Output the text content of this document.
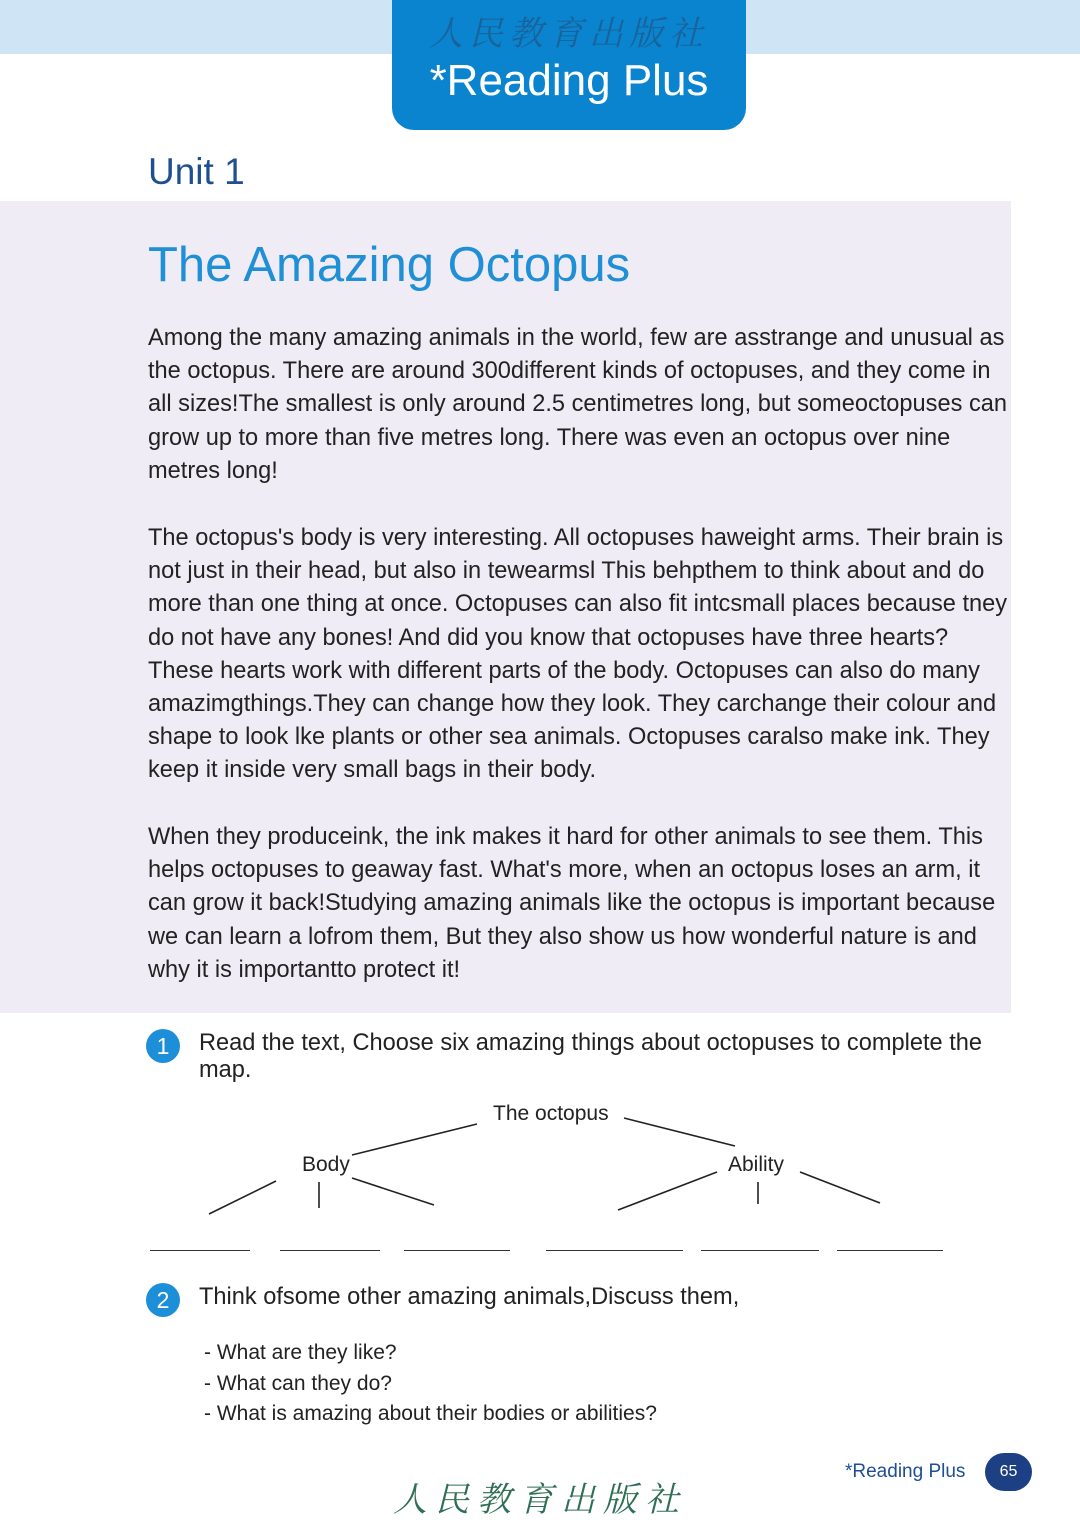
人民教育出版社
*Reading Plus
Unit 1
The Amazing Octopus

Among the many amazing animals in the world, few are asstrange and unusual as the octopus. There are around 300different kinds of octopuses, and they come in all sizes!The smallest is only around 2.5 centimetres long, but someoctopuses can grow up to more than five metres long. There was even an octopus over nine metres long!

The octopus's body is very interesting. All octopuses haweight arms. Their brain is not just in their head, but also in tewearmsl This behpthem to think about and do more than one thing at once. Octopuses can also fit intcsmall places because tney do not have any bones! And did you know that octopuses have three hearts? These hearts work with different parts of the body. Octopuses can also do many amazimgthings.They can change how they look. They carchange their colour and shape to look lke plants or other sea animals. Octopuses caralso make ink. They keep it inside very small bags in their body.

When they produceink, the ink makes it hard for other animals to see them. This helps octopuses to geaway fast. What's more, when an octopus loses an arm, it can grow it back!Studying amazing animals like the octopus is important because we can learn a lofrom them, But they also show us how wonderful nature is and why it is importantto protect it!

1	Read the text, Choose six amazing things about octopuses to complete the map.

The octopus
Body	Ability
2	Think ofsome other amazing animals,Discuss them,

- What are they like?
- What can they do?
- What is amazing about their bodies or abilities?
*Reading Plus	65
人民教育出版社
